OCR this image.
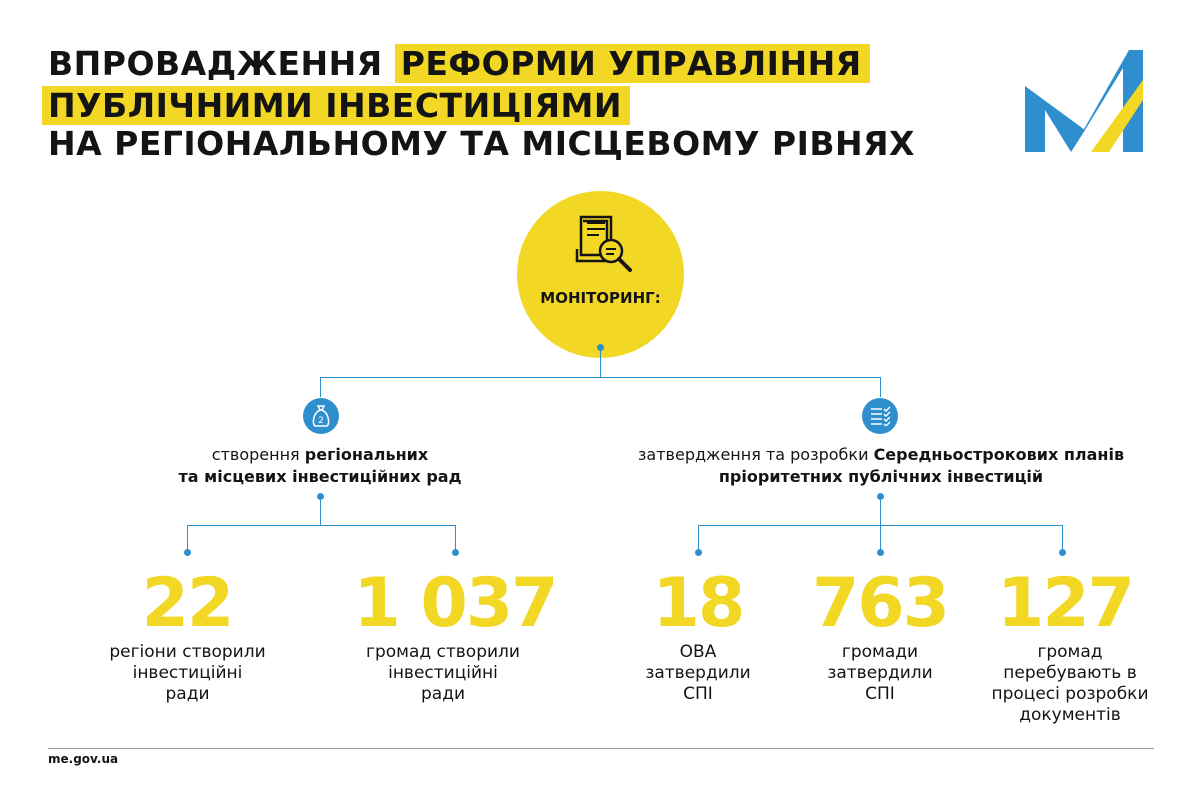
ВПРОВАДЖЕННЯ РЕФОРМИ УПРАВЛІННЯ
ПУБЛІЧНИМИ ІНВЕСТИЦІЯМИ
НА РЕГІОНАЛЬНОМУ ТА МІСЦЕВОМУ РІВНЯХ
МОНІТОРИНГ:
2
створення регіональних
та місцевих інвестиційних рад
затвердження та розробки Середньострокових планів
пріоритетних публічних інвестицій
22
регіони створили
інвестиційні
ради
1 037
громад створили
інвестиційні
ради
18
ОВА
затвердили
СПІ
763
громади
затвердили
СПІ
127
громад
перебувають в
процесі розробки
документів
me.gov.ua
